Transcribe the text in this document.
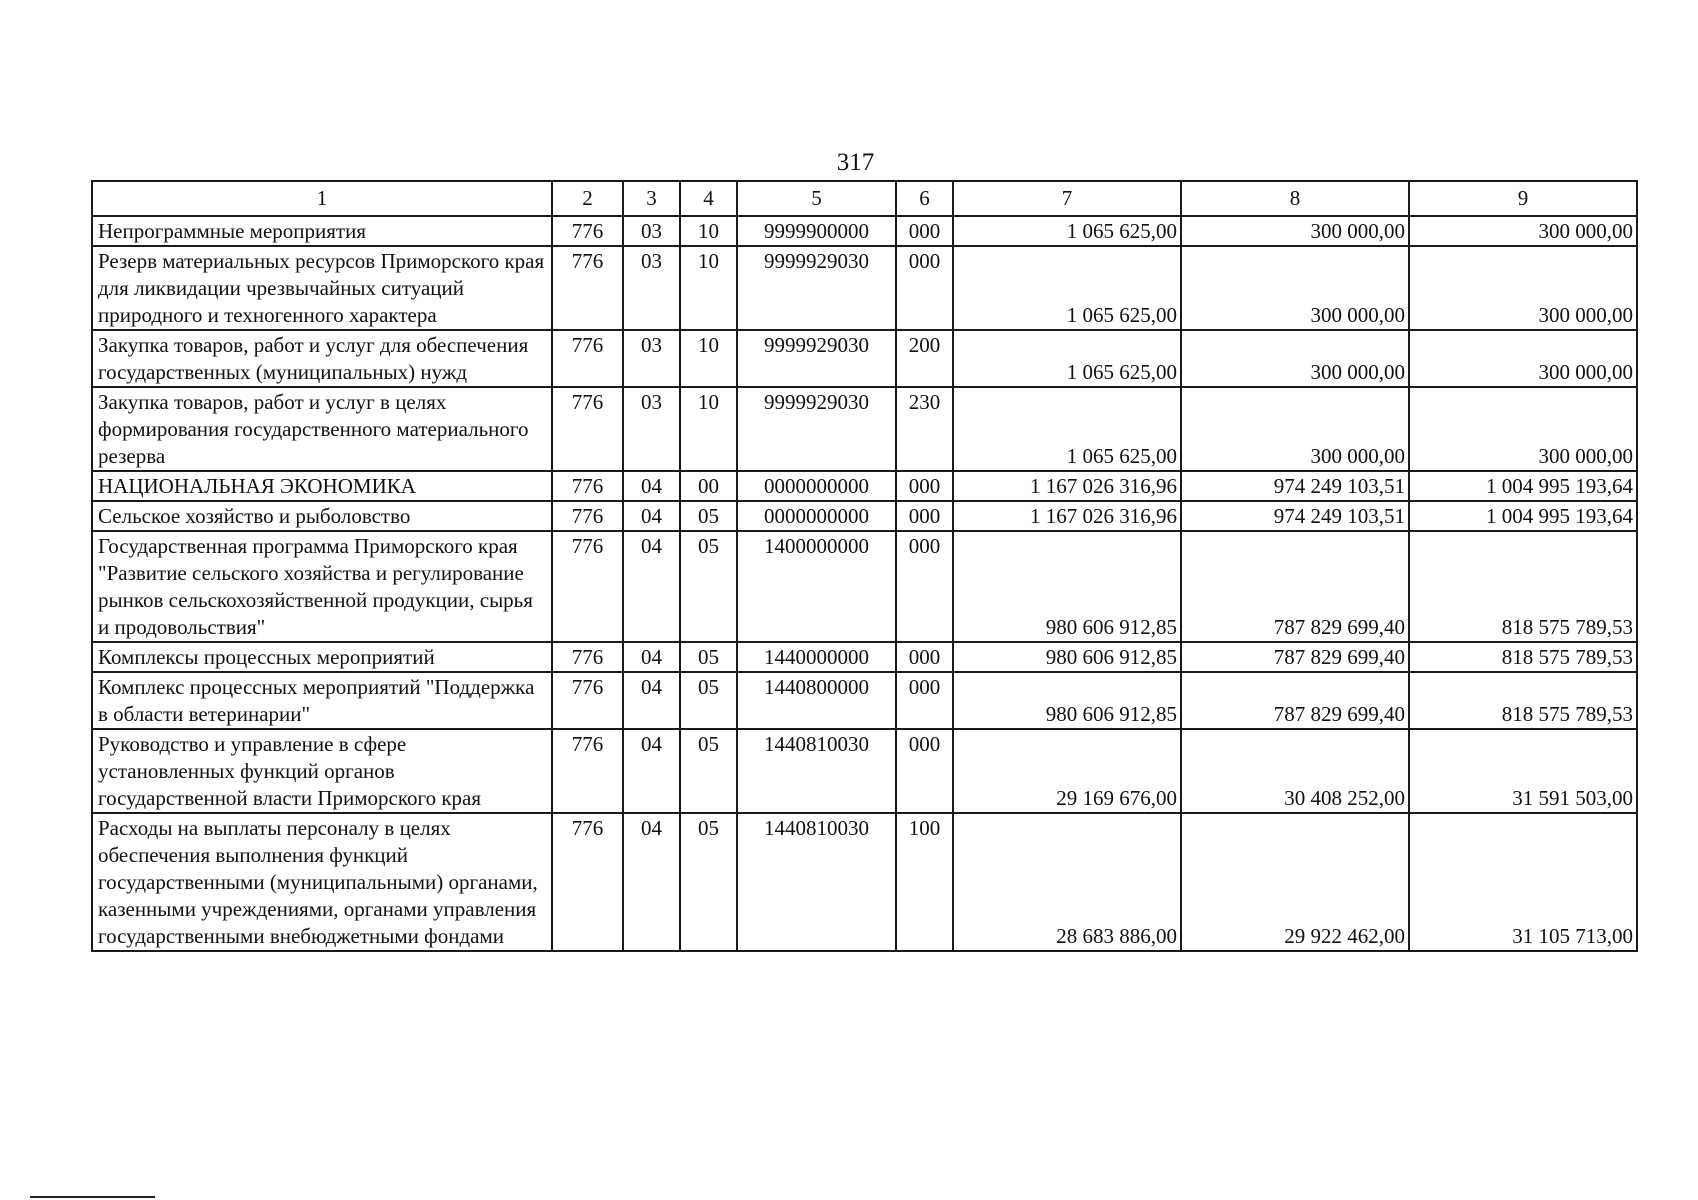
317
1	2	3	4	5	6	7	8	9
Непрограммные мероприятия	776	03	10	9999900000	000	1 065 625,00	300 000,00	300 000,00
Резерв материальных ресурсов Приморского края для ликвидации чрезвычайных ситуаций природного и техногенного характера	776	03	10	9999929030	000	1 065 625,00	300 000,00	300 000,00
Закупка товаров, работ и услуг для обеспечения государственных (муниципальных) нужд	776	03	10	9999929030	200	1 065 625,00	300 000,00	300 000,00
Закупка товаров, работ и услуг в целях формирования государственного материального резерва	776	03	10	9999929030	230	1 065 625,00	300 000,00	300 000,00
НАЦИОНАЛЬНАЯ ЭКОНОМИКА	776	04	00	0000000000	000	1 167 026 316,96	974 249 103,51	1 004 995 193,64
Сельское хозяйство и рыболовство	776	04	05	0000000000	000	1 167 026 316,96	974 249 103,51	1 004 995 193,64
Государственная программа Приморского края "Развитие сельского хозяйства и регулирование рынков сельскохозяйственной продукции, сырья и продовольствия"	776	04	05	1400000000	000	980 606 912,85	787 829 699,40	818 575 789,53
Комплексы процессных мероприятий	776	04	05	1440000000	000	980 606 912,85	787 829 699,40	818 575 789,53
Комплекс процессных мероприятий "Поддержка в области ветеринарии"	776	04	05	1440800000	000	980 606 912,85	787 829 699,40	818 575 789,53
Руководство и управление в сфере установленных функций органов государственной власти Приморского края	776	04	05	1440810030	000	29 169 676,00	30 408 252,00	31 591 503,00
Расходы на выплаты персоналу в целях обеспечения выполнения функций государственными (муниципальными) органами, казенными учреждениями, органами управления государственными внебюджетными фондами	776	04	05	1440810030	100	28 683 886,00	29 922 462,00	31 105 713,00
